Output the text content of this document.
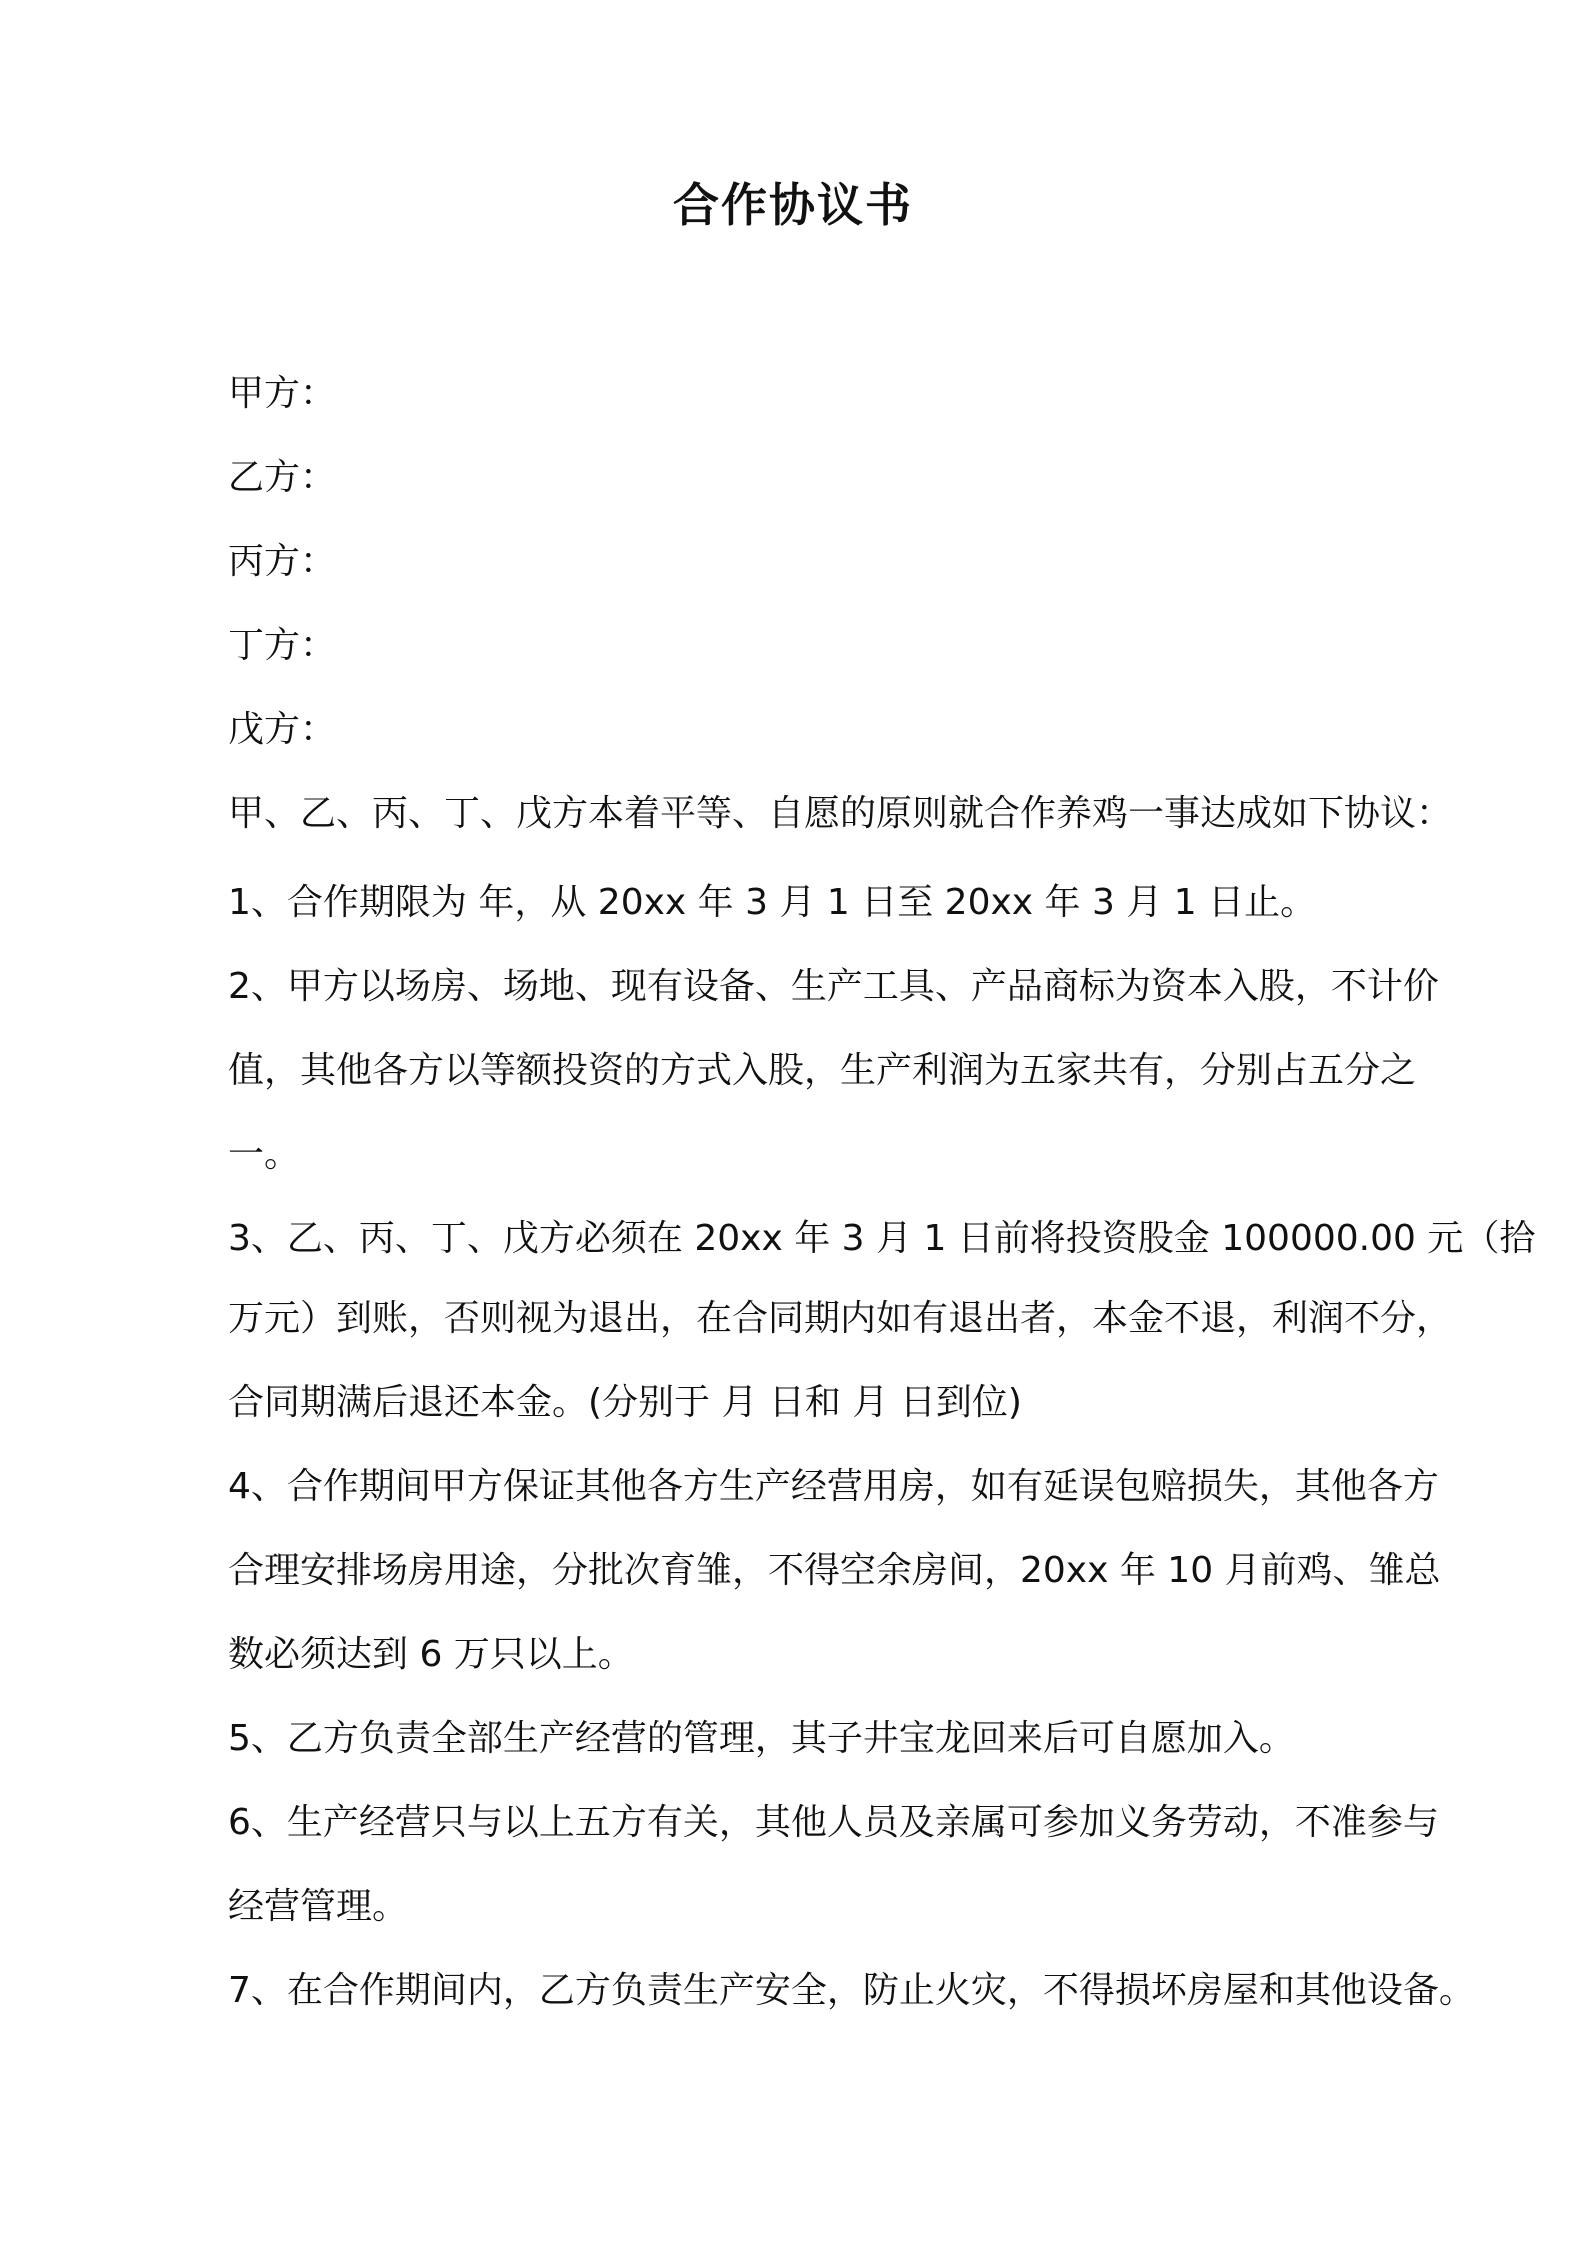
合作协议书

甲方：

乙方：

丙方：

丁方：

戊方：

甲、乙、丙、丁、戊方本着平等、自愿的原则就合作养鸡一事达成如下协议：

1、合作期限为 年，从 20xx 年 3 月 1 日至 20xx 年 3 月 1 日止。

2、甲方以场房、场地、现有设备、生产工具、产品商标为资本入股，不计价

值，其他各方以等额投资的方式入股，生产利润为五家共有，分别占五分之

一。

3、乙、丙、丁、戊方必须在 20xx 年 3 月 1 日前将投资股金 100000.00 元（拾

万元）到账，否则视为退出，在合同期内如有退出者，本金不退，利润不分，

合同期满后退还本金。(分别于 月 日和 月 日到位)

4、合作期间甲方保证其他各方生产经营用房，如有延误包赔损失，其他各方

合理安排场房用途，分批次育雏，不得空余房间，20xx 年 10 月前鸡、雏总

数必须达到 6 万只以上。

5、乙方负责全部生产经营的管理，其子井宝龙回来后可自愿加入。

6、生产经营只与以上五方有关，其他人员及亲属可参加义务劳动，不准参与

经营管理。

7、在合作期间内，乙方负责生产安全，防止火灾，不得损坏房屋和其他设备。
